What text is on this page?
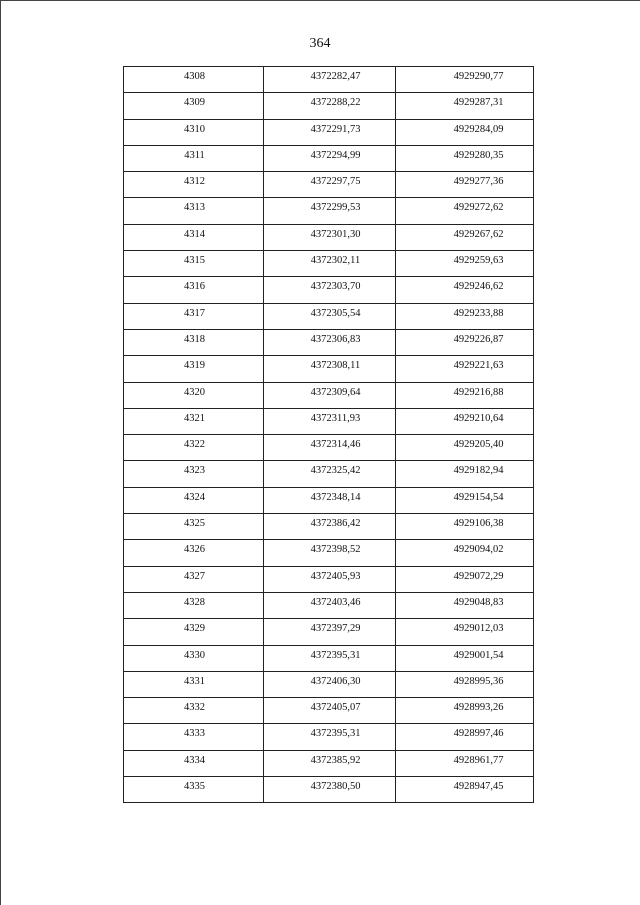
364
4308	4372282,47	4929290,77
4309	4372288,22	4929287,31
4310	4372291,73	4929284,09
4311	4372294,99	4929280,35
4312	4372297,75	4929277,36
4313	4372299,53	4929272,62
4314	4372301,30	4929267,62
4315	4372302,11	4929259,63
4316	4372303,70	4929246,62
4317	4372305,54	4929233,88
4318	4372306,83	4929226,87
4319	4372308,11	4929221,63
4320	4372309,64	4929216,88
4321	4372311,93	4929210,64
4322	4372314,46	4929205,40
4323	4372325,42	4929182,94
4324	4372348,14	4929154,54
4325	4372386,42	4929106,38
4326	4372398,52	4929094,02
4327	4372405,93	4929072,29
4328	4372403,46	4929048,83
4329	4372397,29	4929012,03
4330	4372395,31	4929001,54
4331	4372406,30	4928995,36
4332	4372405,07	4928993,26
4333	4372395,31	4928997,46
4334	4372385,92	4928961,77
4335	4372380,50	4928947,45
